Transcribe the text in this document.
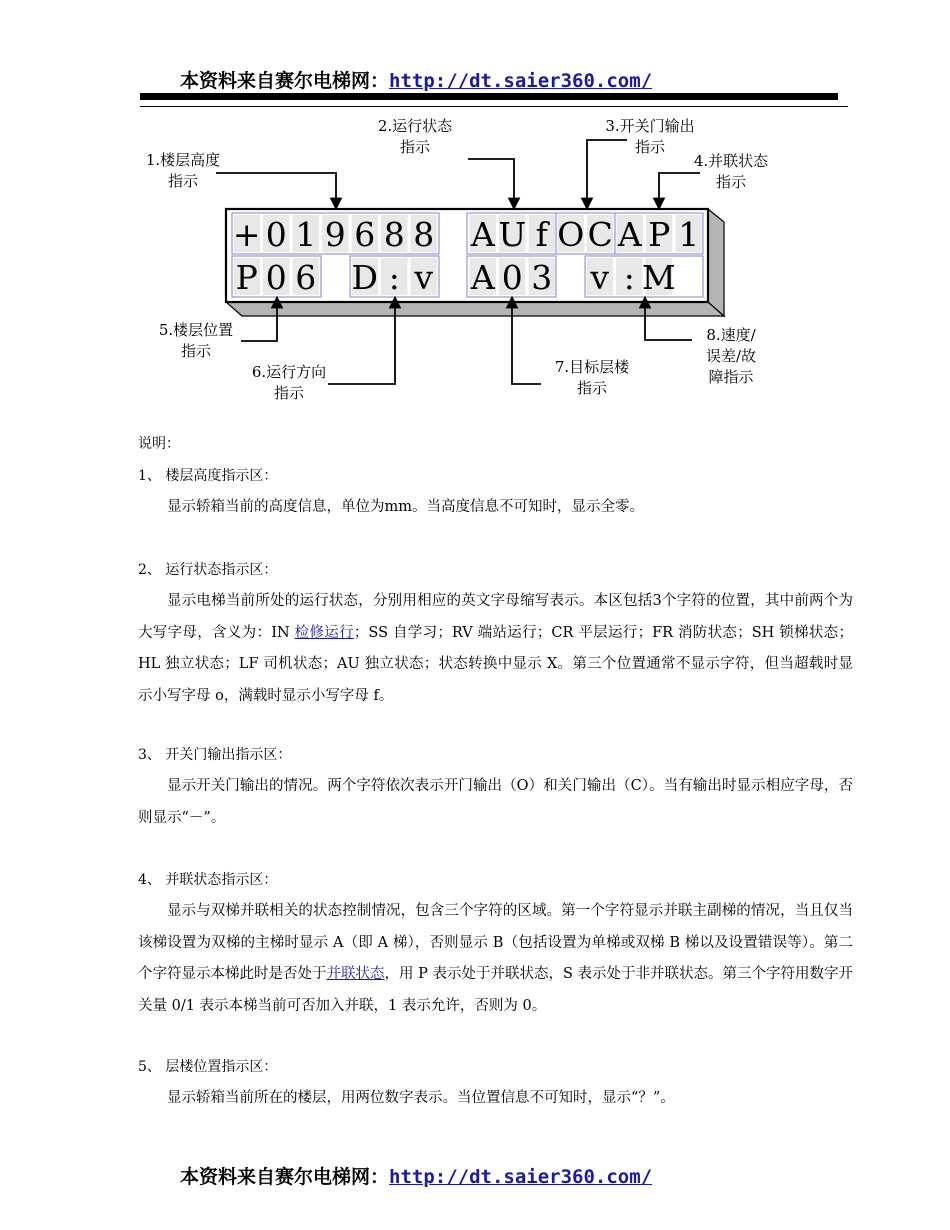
本资料来自赛尔电梯网：http://dt.saier360.com/
+ 0 1 9 6 8 8 A U f O C A P 1
P 0 6 D : v A 0 3 v : M
1.楼层高度
指示
2.运行状态
指示
3.开关门输出
指示
4.并联状态
指示
5.楼层位置
指示
6.运行方向
指示
7.目标层楼
指示
8.速度/
误差/故
障指示
说明：
1、 楼层高度指示区：
显示轿箱当前的高度信息，单位为mm。当高度信息不可知时，显示全零。
2、 运行状态指示区：
显示电梯当前所处的运行状态，分别用相应的英文字母缩写表示。本区包括3个字符的位置，其中前两个为大写字母，含义为：IN 检修运行；SS 自学习；RV 端站运行；CR 平层运行；FR 消防状态；SH 锁梯状态；HL 独立状态；LF 司机状态；AU 独立状态；状态转换中显示 X。第三个位置通常不显示字符，但当超载时显示小写字母 o，满载时显示小写字母 f。
3、 开关门输出指示区：
显示开关门输出的情况。两个字符依次表示开门输出（O）和关门输出（C）。当有输出时显示相应字母，否则显示“－”。
4、 并联状态指示区：
显示与双梯并联相关的状态控制情况，包含三个字符的区域。第一个字符显示并联主副梯的情况，当且仅当该梯设置为双梯的主梯时显示 A（即 A 梯），否则显示 B（包括设置为单梯或双梯 B 梯以及设置错误等）。第二个字符显示本梯此时是否处于并联状态，用 P 表示处于并联状态，S 表示处于非并联状态。第三个字符用数字开关量 0/1 表示本梯当前可否加入并联，1 表示允许，否则为 0。
5、 层楼位置指示区：
显示轿箱当前所在的楼层，用两位数字表示。当位置信息不可知时，显示“？”。
本资料来自赛尔电梯网：http://dt.saier360.com/
